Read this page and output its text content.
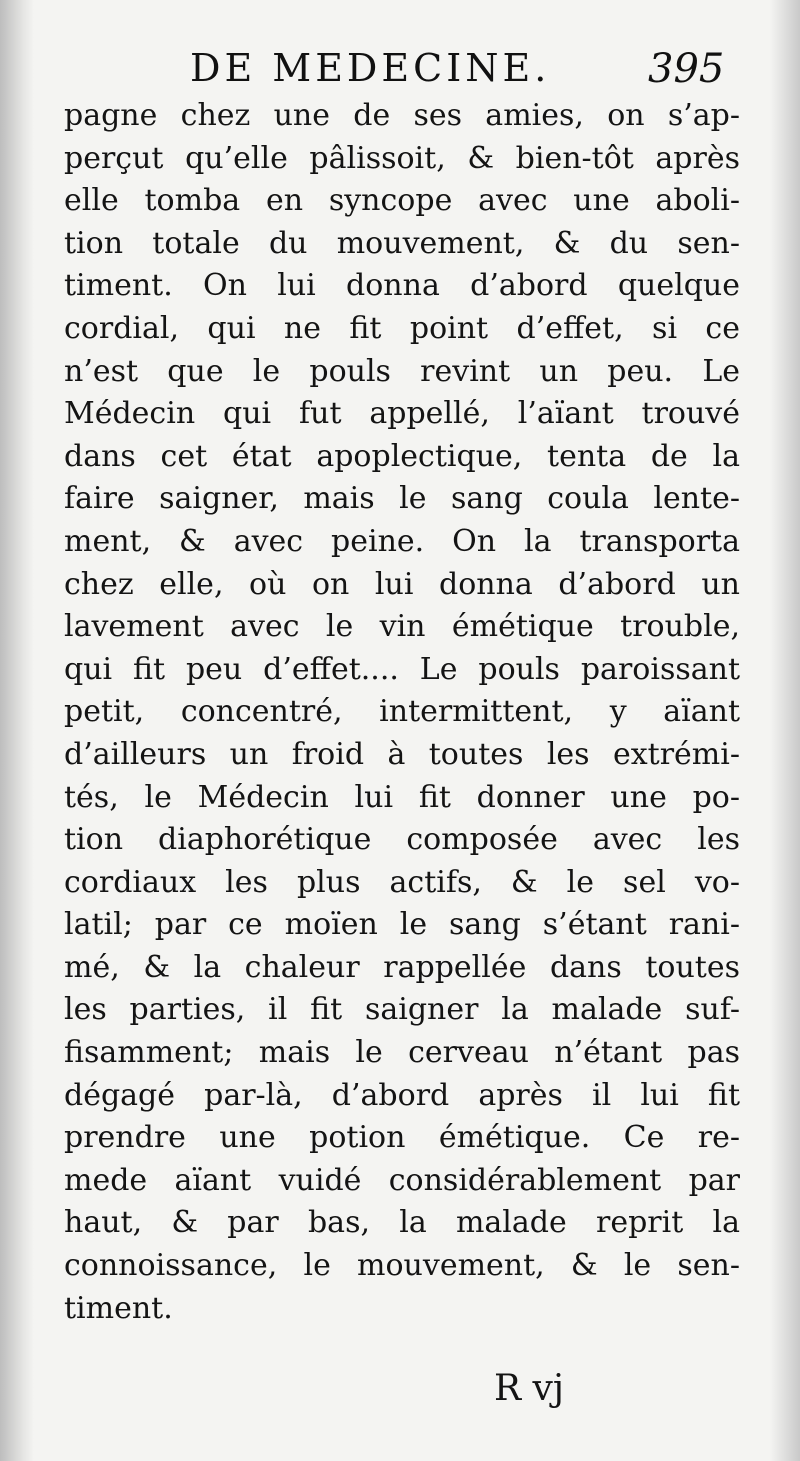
DE MEDECINE. 395
pagne chez une de ses amies, on s’ap-
perçut qu’elle pâlissoit, & bien-tôt après
elle tomba en syncope avec une aboli-
tion totale du mouvement, & du sen-
timent. On lui donna d’abord quelque
cordial, qui ne fit point d’effet, si ce
n’est que le pouls revint un peu. Le
Médecin qui fut appellé, l’aïant trouvé
dans cet état apoplectique, tenta de la
faire saigner, mais le sang coula lente-
ment, & avec peine. On la transporta
chez elle, où on lui donna d’abord un
lavement avec le vin émétique trouble,
qui fit peu d’effet.... Le pouls paroissant
petit, concentré, intermittent, y aïant
d’ailleurs un froid à toutes les extrémi-
tés, le Médecin lui fit donner une po-
tion diaphorétique composée avec les
cordiaux les plus actifs, & le sel vo-
latil; par ce moïen le sang s’étant rani-
mé, & la chaleur rappellée dans toutes
les parties, il fit saigner la malade suf-
fisamment; mais le cerveau n’étant pas
dégagé par-là, d’abord après il lui fit
prendre une potion émétique. Ce re-
mede aïant vuidé considérablement par
haut, & par bas, la malade reprit la
connoissance, le mouvement, & le sen-
timent.
R vj
